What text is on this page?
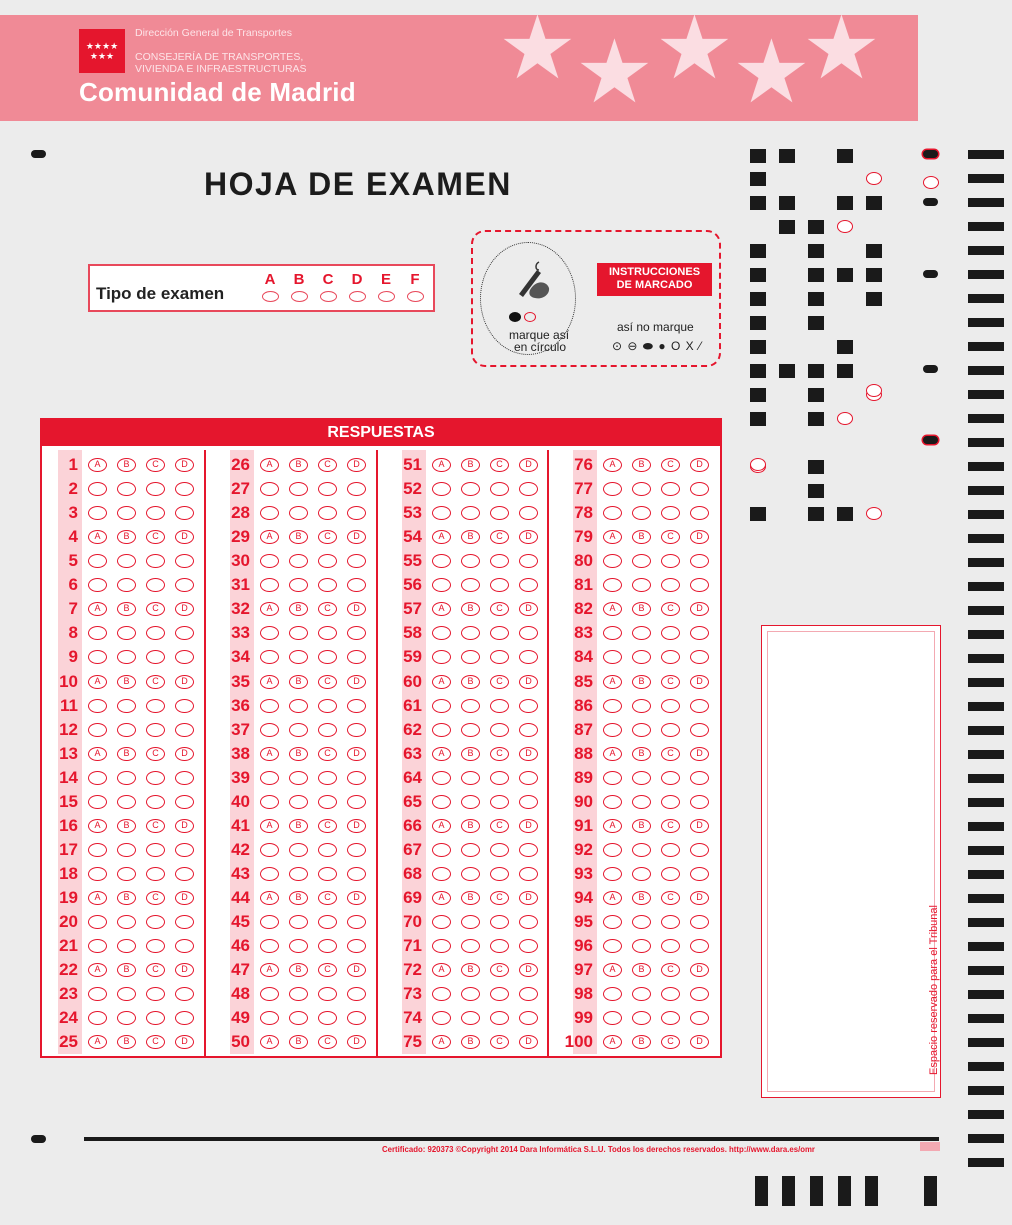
★
★ ★
★
★
★★★★ ★★★
Dirección General de Transportes
CONSEJERÍA DE TRANSPORTES,
VIVIENDA E INFRAESTRUCTURAS
Comunidad de Madrid
HOJA DE EXAMEN
Tipo de examen
A B C D E F
marque así
en círculo
INSTRUCCIONES
DE MARCADO
así no marque
⊙ ⊖ ⬬ ● O X ⁄
RESPUESTAS
1	A	B	C	D
2
3
4	A	B	C	D
5
6
7	A	B	C	D
8
9
10	A	B	C	D
11
12
13	A	B	C	D
14
15
16	A	B	C	D
17
18
19	A	B	C	D
20
21
22	A	B	C	D
23
24
25	A	B	C	D
26	A	B	C	D
27
28
29	A	B	C	D
30
31
32	A	B	C	D
33
34
35	A	B	C	D
36
37
38	A	B	C	D
39
40
41	A	B	C	D
42
43
44	A	B	C	D
45
46
47	A	B	C	D
48
49
50	A	B	C	D
51	A	B	C	D
52
53
54	A	B	C	D
55
56
57	A	B	C	D
58
59
60	A	B	C	D
61
62
63	A	B	C	D
64
65
66	A	B	C	D
67
68
69	A	B	C	D
70
71
72	A	B	C	D
73
74
75	A	B	C	D
76	A	B	C	D
77
78
79	A	B	C	D
80
81
82	A	B	C	D
83
84
85	A	B	C	D
86
87
88	A	B	C	D
89
90
91	A	B	C	D
92
93
94	A	B	C	D
95
96
97	A	B	C	D
98
99
100	A	B	C	D	Espacio reservado para el Tribunal
Certificado: 920373 ©Copyright 2014 Dara Informática S.L.U. Todos los derechos reservados. http://www.dara.es/omr
